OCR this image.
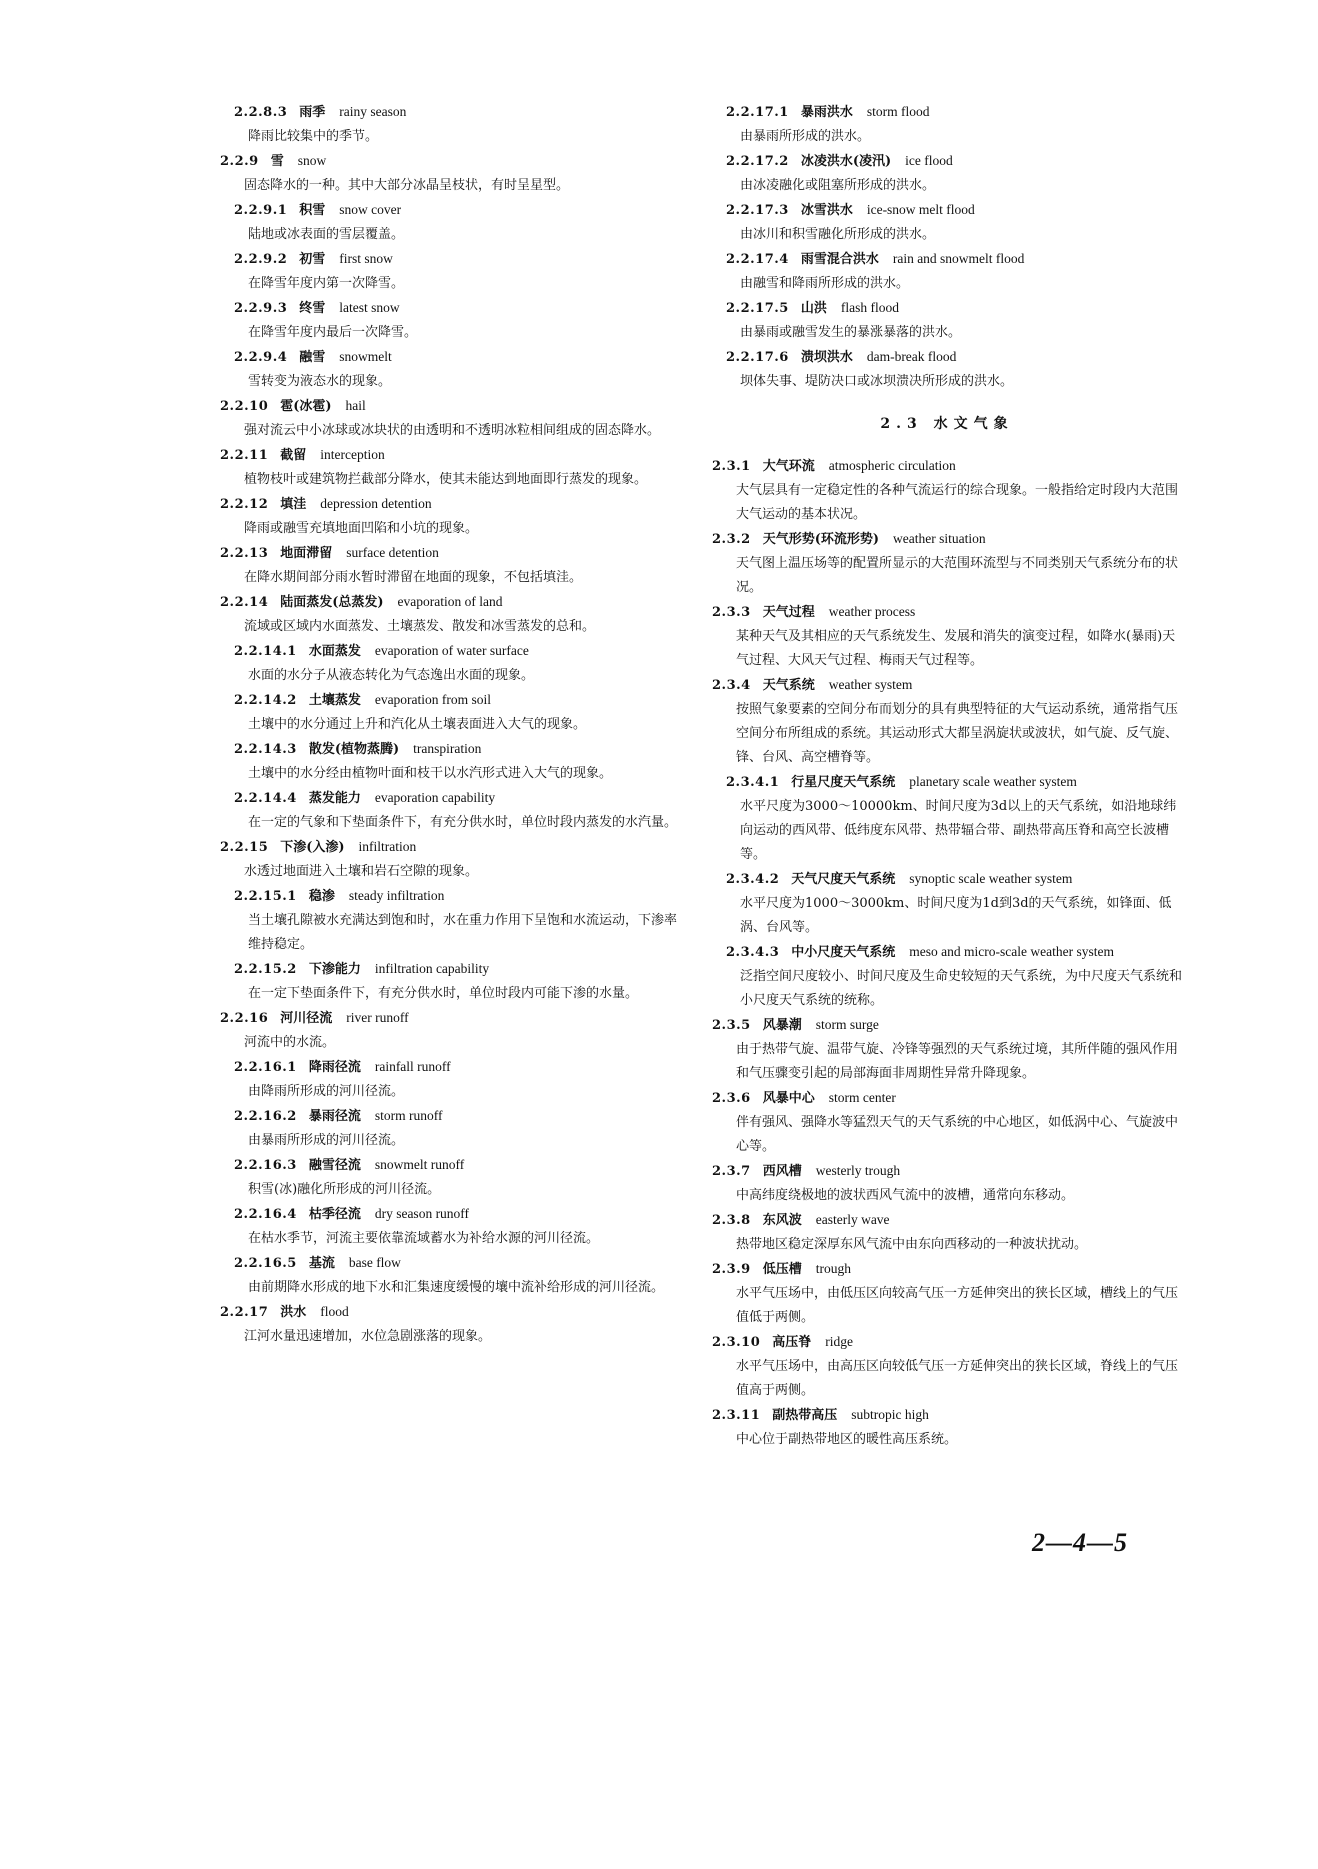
2.2.8.3 雨季 rainy season

降雨比较集中的季节。

2.2.9 雪 snow

固态降水的一种。其中大部分冰晶呈枝状，有时呈星型。

2.2.9.1 积雪 snow cover

陆地或冰表面的雪层覆盖。

2.2.9.2 初雪 first snow

在降雪年度内第一次降雪。

2.2.9.3 终雪 latest snow

在降雪年度内最后一次降雪。

2.2.9.4 融雪 snowmelt

雪转变为液态水的现象。

2.2.10 雹(冰雹) hail

强对流云中小冰球或冰块状的由透明和不透明冰粒相间组成的固态降水。

2.2.11 截留 interception

植物枝叶或建筑物拦截部分降水，使其未能达到地面即行蒸发的现象。

2.2.12 填洼 depression detention

降雨或融雪充填地面凹陷和小坑的现象。

2.2.13 地面滞留 surface detention

在降水期间部分雨水暂时滞留在地面的现象，不包括填洼。

2.2.14 陆面蒸发(总蒸发) evaporation of land

流域或区域内水面蒸发、土壤蒸发、散发和冰雪蒸发的总和。

2.2.14.1 水面蒸发 evaporation of water surface

水面的水分子从液态转化为气态逸出水面的现象。

2.2.14.2 土壤蒸发 evaporation from soil

土壤中的水分通过上升和汽化从土壤表面进入大气的现象。

2.2.14.3 散发(植物蒸腾) transpiration

土壤中的水分经由植物叶面和枝干以水汽形式进入大气的现象。

2.2.14.4 蒸发能力 evaporation capability

在一定的气象和下垫面条件下，有充分供水时，单位时段内蒸发的水汽量。

2.2.15 下渗(入渗) infiltration

水透过地面进入土壤和岩石空隙的现象。

2.2.15.1 稳渗 steady infiltration

当土壤孔隙被水充满达到饱和时，水在重力作用下呈饱和水流运动，下渗率维持稳定。

2.2.15.2 下渗能力 infiltration capability

在一定下垫面条件下，有充分供水时，单位时段内可能下渗的水量。

2.2.16 河川径流 river runoff

河流中的水流。

2.2.16.1 降雨径流 rainfall runoff

由降雨所形成的河川径流。

2.2.16.2 暴雨径流 storm runoff

由暴雨所形成的河川径流。

2.2.16.3 融雪径流 snowmelt runoff

积雪(冰)融化所形成的河川径流。

2.2.16.4 枯季径流 dry season runoff

在枯水季节，河流主要依靠流域蓄水为补给水源的河川径流。

2.2.16.5 基流 base flow

由前期降水形成的地下水和汇集速度缓慢的壤中流补给形成的河川径流。

2.2.17 洪水 flood

江河水量迅速增加，水位急剧涨落的现象。

2.2.17.1 暴雨洪水 storm flood

由暴雨所形成的洪水。

2.2.17.2 冰凌洪水(凌汛) ice flood

由冰凌融化或阻塞所形成的洪水。

2.2.17.3 冰雪洪水 ice-snow melt flood

由冰川和积雪融化所形成的洪水。

2.2.17.4 雨雪混合洪水 rain and snowmelt flood

由融雪和降雨所形成的洪水。

2.2.17.5 山洪 flash flood

由暴雨或融雪发生的暴涨暴落的洪水。

2.2.17.6 溃坝洪水 dam-break flood

坝体失事、堤防决口或冰坝溃决所形成的洪水。

2.3 水文气象

2.3.1 大气环流 atmospheric circulation

大气层具有一定稳定性的各种气流运行的综合现象。一般指给定时段内大范围大气运动的基本状况。

2.3.2 天气形势(环流形势) weather situation

天气图上温压场等的配置所显示的大范围环流型与不同类别天气系统分布的状况。

2.3.3 天气过程 weather process

某种天气及其相应的天气系统发生、发展和消失的演变过程，如降水(暴雨)天气过程、大风天气过程、梅雨天气过程等。

2.3.4 天气系统 weather system

按照气象要素的空间分布而划分的具有典型特征的大气运动系统，通常指气压空间分布所组成的系统。其运动形式大都呈涡旋状或波状，如气旋、反气旋、锋、台风、高空槽脊等。

2.3.4.1 行星尺度天气系统 planetary scale weather system

水平尺度为3000～10000km、时间尺度为3d以上的天气系统，如沿地球纬向运动的西风带、低纬度东风带、热带辐合带、副热带高压脊和高空长波槽等。

2.3.4.2 天气尺度天气系统 synoptic scale weather system

水平尺度为1000～3000km、时间尺度为1d到3d的天气系统，如锋面、低涡、台风等。

2.3.4.3 中小尺度天气系统 meso and micro-scale weather system

泛指空间尺度较小、时间尺度及生命史较短的天气系统，为中尺度天气系统和小尺度天气系统的统称。

2.3.5 风暴潮 storm surge

由于热带气旋、温带气旋、冷锋等强烈的天气系统过境，其所伴随的强风作用和气压骤变引起的局部海面非周期性异常升降现象。

2.3.6 风暴中心 storm center

伴有强风、强降水等猛烈天气的天气系统的中心地区，如低涡中心、气旋波中心等。

2.3.7 西风槽 westerly trough

中高纬度绕极地的波状西风气流中的波槽，通常向东移动。

2.3.8 东风波 easterly wave

热带地区稳定深厚东风气流中由东向西移动的一种波状扰动。

2.3.9 低压槽 trough

水平气压场中，由低压区向较高气压一方延伸突出的狭长区域，槽线上的气压值低于两侧。

2.3.10 高压脊 ridge

水平气压场中，由高压区向较低气压一方延伸突出的狭长区域，脊线上的气压值高于两侧。

2.3.11 副热带高压 subtropic high

中心位于副热带地区的暖性高压系统。

2—4—5
